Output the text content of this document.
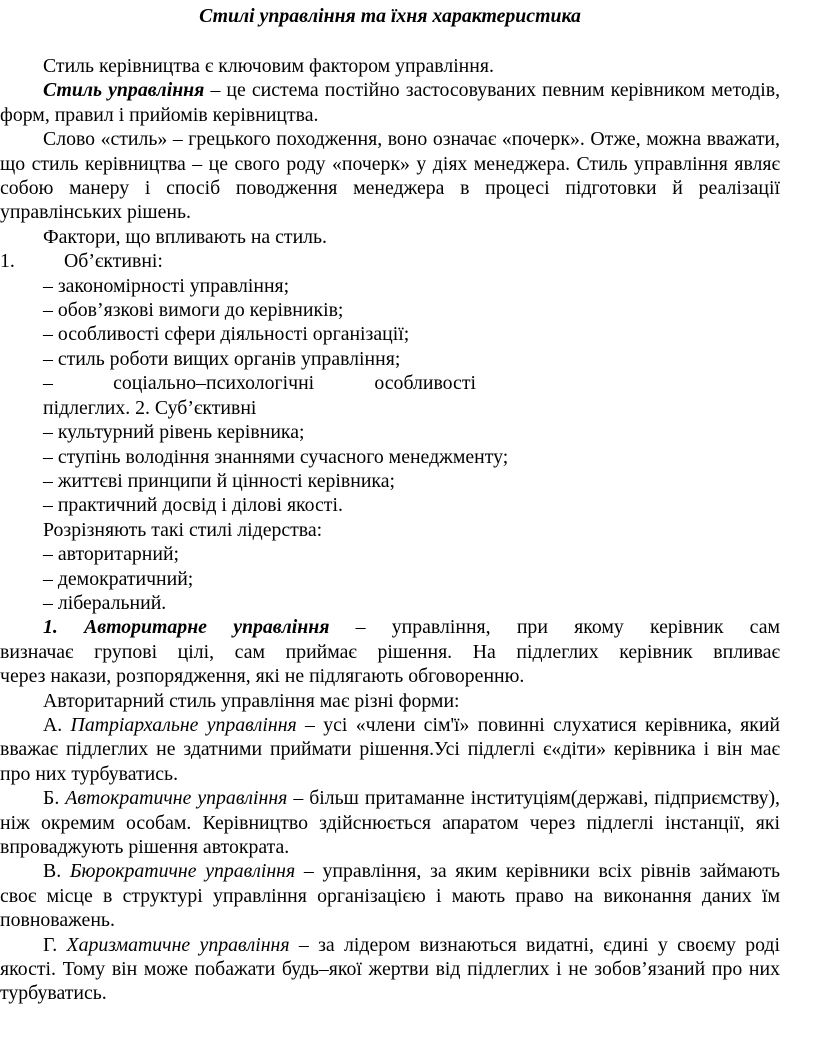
Стилі управління та їхня характеристика

Стиль керівництва є ключовим фактором управління.

Стиль управління – це система постійно застосовуваних певним керівником методів, форм, правил і прийомів керівництва.

Слово «стиль» – грецького походження, воно означає «почерк». Отже, можна вважати, що стиль керівництва – це свого роду «почерк» у діях менеджера. Стиль управління являє собою манеру і спосіб поводження менеджера в процесі підготовки й реалізації управлінських рішень.

Фактори, що впливають на стиль.

1. Об’єктивні:

– закономірності управління;

– обов’язкові вимоги до керівників;

– особливості сфери діяльності організації;

– стиль роботи вищих органів управління;

–	соціально–психологічні	особливості

підлеглих. 2. Суб’єктивні

– культурний рівень керівника;

– ступінь володіння знаннями сучасного менеджменту;

– життєві принципи й цінності керівника;

– практичний досвід і ділові якості.

Розрізняють такі стилі лідерства:

– авторитарний;

– демократичний;

– ліберальний.

1. Авторитарне управління – управління, при якому керівник сам

визначає групові цілі, сам приймає рішення. На підлеглих керівник впливає

через накази, розпорядження, які не підлягають обговоренню.

Авторитарний стиль управління має різні форми:

А. Патріархальне управління – усі «члени сім'ї» повинні слухатися керівника, який вважає підлеглих не здатними приймати рішення.Усі підлеглі є«діти» керівника і він має про них турбуватись.

Б. Автократичне управління – більш притаманне інституціям(державі, підприємству), ніж окремим особам. Керівництво здійснюється апаратом через підлеглі інстанції, які впроваджують рішення автократа.

В. Бюрократичне управління – управління, за яким керівники всіх рівнів займають своє місце в структурі управління організацією і мають право на виконання даних їм повноважень.

Г. Харизматичне управління – за лідером визнаються видатні, єдині у своєму роді якості. Тому він може побажати будь–якої жертви від підлеглих і не зобов’язаний про них турбуватись.
